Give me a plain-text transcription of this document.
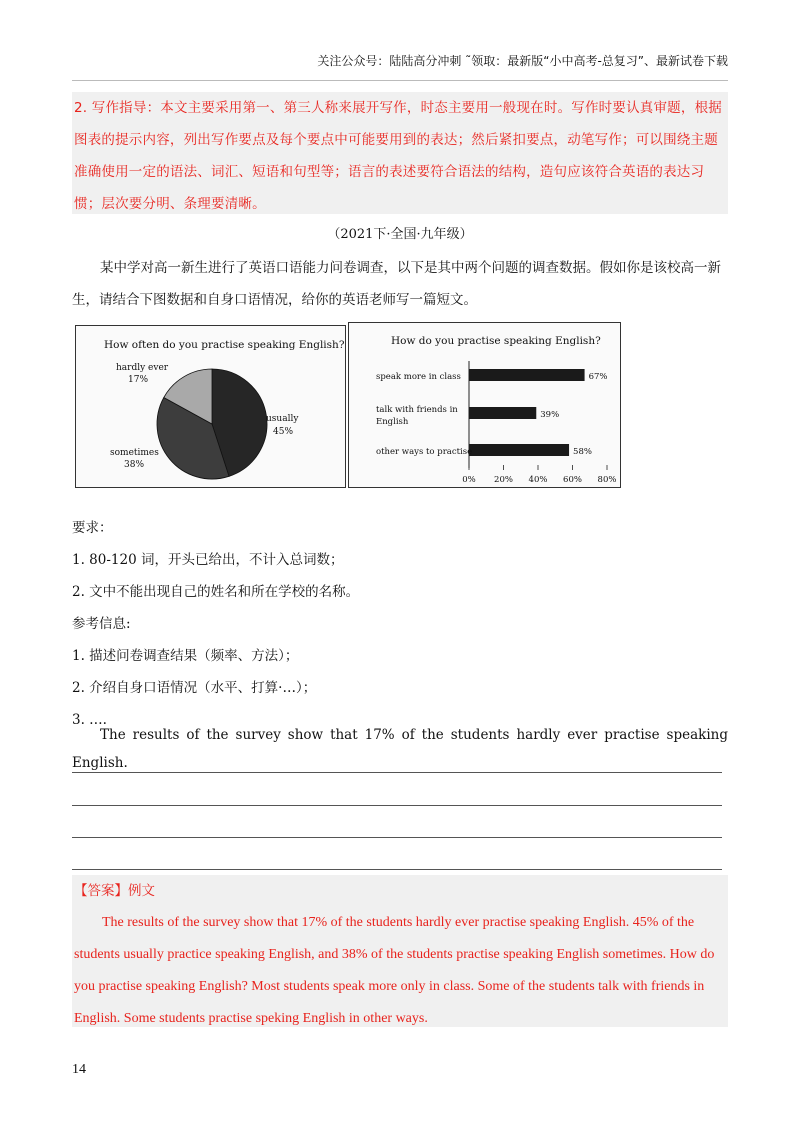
关注公众号：陆陆高分冲刺 ˜领取：最新版“小中高考-总复习”、最新试卷下载

2. 写作指导：本文主要采用第一、第三人称来展开写作，时态主要用一般现在时。写作时要认真审题，根据图表的提示内容，列出写作要点及每个要点中可能要用到的表达；然后紧扣要点，动笔写作；可以围绕主题准确使用一定的语法、词汇、短语和句型等；语言的表述要符合语法的结构，造句应该符合英语的表达习惯；层次要分明、条理要清晰。

（2021下·全国·九年级）

某中学对高一新生进行了英语口语能力问卷调查，以下是其中两个问题的调查数据。假如你是该校高一新生，请结合下图数据和自身口语情况，给你的英语老师写一篇短文。

How often do you practise speaking English?
hardly ever
17%
usually
45%
sometimes
38%
How do you practise speaking English?
67%
speak more in class
39%
talk with friends in
English
58%
other ways to practise
0% 20% 40% 60% 80%
要求：
1. 80-120 词，开头已给出，不计入总词数；
2. 文中不能出现自己的姓名和所在学校的名称。
参考信息:
1. 描述问卷调查结果（频率、方法）；
2. 介绍自身口语情况（水平、打算·…）；
3. ….
The results of the survey show that 17% of the students hardly ever practise speaking English.
【答案】例文
The results of the survey show that 17% of the students hardly ever practise speaking English. 45% of the students usually practice speaking English, and 38% of the students practise speaking English sometimes. How do you practise speaking English? Most students speak more only in class. Some of the students talk with friends in English. Some students practise speking English in other ways.
14
